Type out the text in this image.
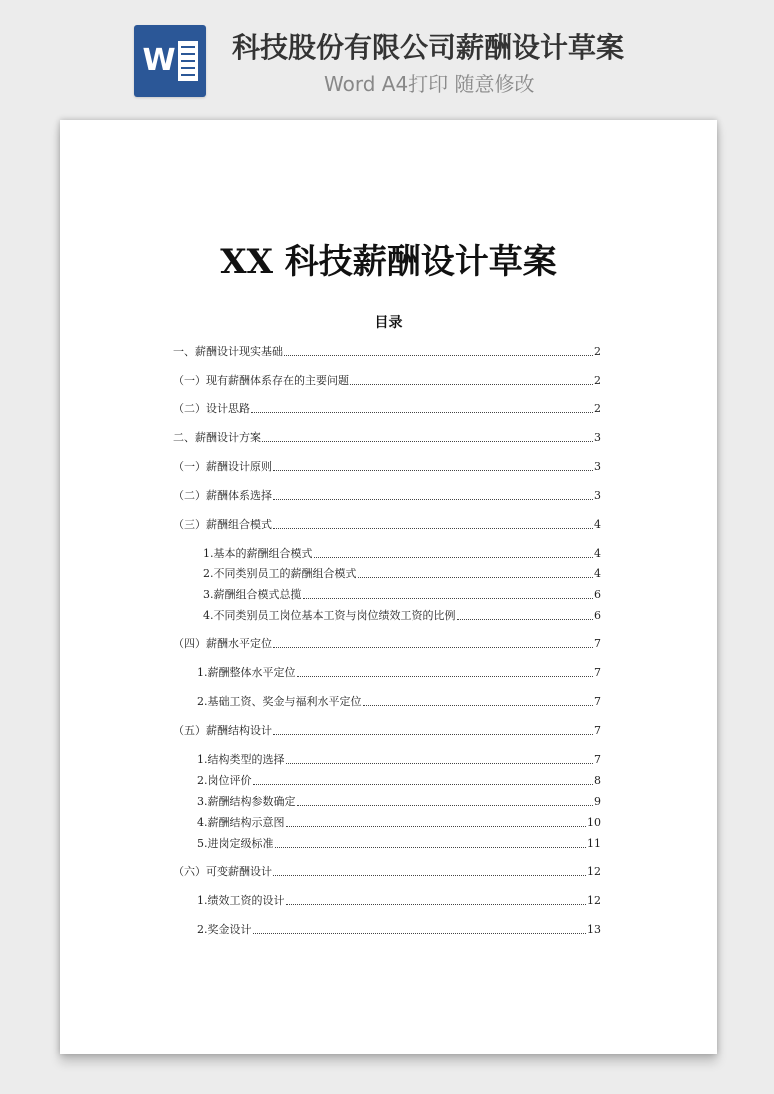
W 科技股份有限公司薪酬设计草案
Word A4打印 随意修改
XX 科技薪酬设计草案
目录
一、薪酬设计现实基础	2
（一）现有薪酬体系存在的主要问题	2
（二）设计思路	2
二、薪酬设计方案	3
（一）薪酬设计原则	3
（二）薪酬体系选择	3
（三）薪酬组合模式	4
1.基本的薪酬组合模式	4
2.不同类别员工的薪酬组合模式	4
3.薪酬组合模式总揽	6
4.不同类别员工岗位基本工资与岗位绩效工资的比例	6
（四）薪酬水平定位	7
1.薪酬整体水平定位	7
2.基础工资、奖金与福利水平定位	7
（五）薪酬结构设计	7
1.结构类型的选择	7
2.岗位评价	8
3.薪酬结构参数确定	9
4.薪酬结构示意图	10
5.进岗定级标准	11
（六）可变薪酬设计	12
1.绩效工资的设计	12
2.奖金设计	13
